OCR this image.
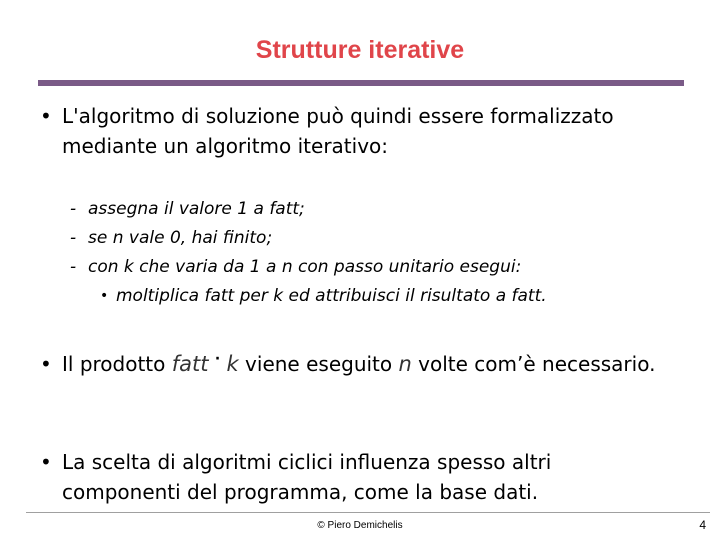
Strutture iterative
• L'algoritmo di soluzione può quindi essere formalizzato mediante un algoritmo iterativo:
- assegna il valore 1 a fatt;
- se n vale 0, hai finito;
- con k che varia da 1 a n con passo unitario esegui:
• moltiplica fatt per k ed attribuisci il risultato a fatt.
• Il prodotto fatt · k viene eseguito n volte com’è necessario.
• La scelta di algoritmi ciclici influenza spesso altri componenti del programma, come la base dati.
© Piero Demichelis	4
